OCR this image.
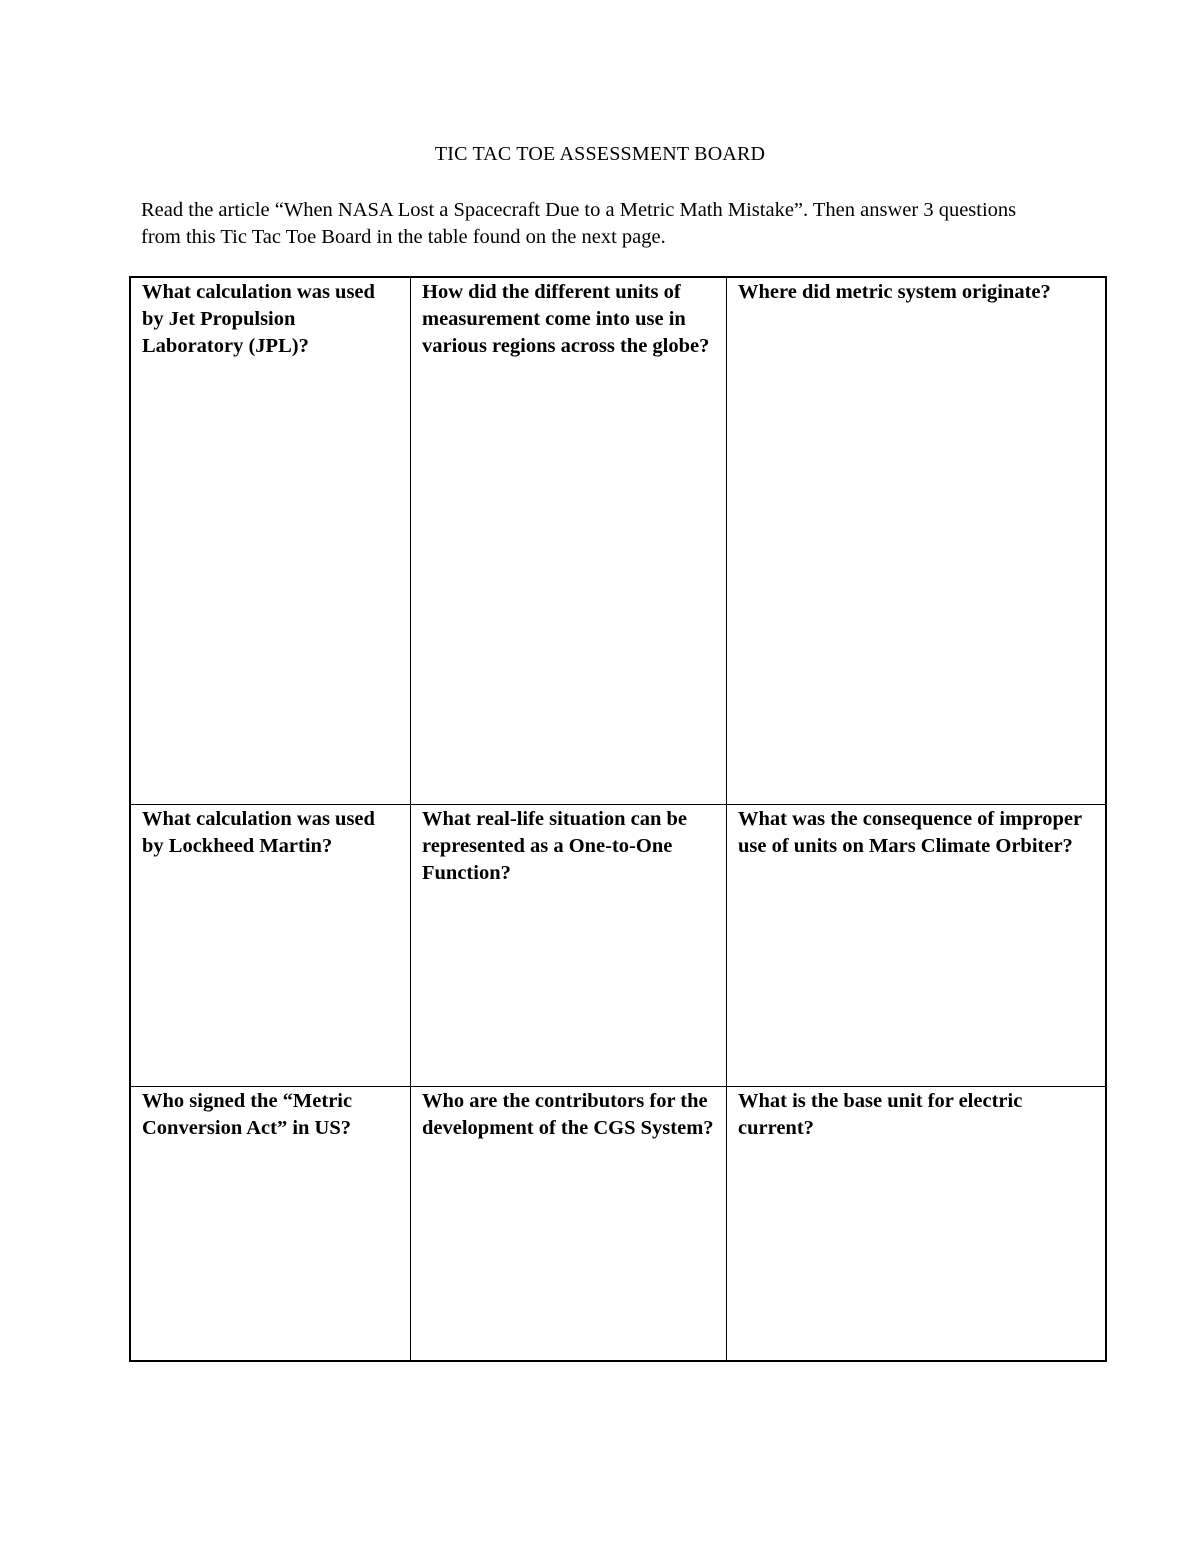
TIC TAC TOE ASSESSMENT BOARD
Read the article “When NASA Lost a Spacecraft Due to a Metric Math Mistake”. Then answer 3 questions from this Tic Tac Toe Board in the table found on the next page.
What calculation was used by Jet Propulsion Laboratory (JPL)?	How did the different units of measurement come into use in various regions across the globe?	Where did metric system originate?
What calculation was used by Lockheed Martin?	What real-life situation can be represented as a One-to-One Function?	What was the consequence of improper use of units on Mars Climate Orbiter?
Who signed the “Metric Conversion Act” in US?	Who are the contributors for the development of the CGS System?	What is the base unit for electric current?
